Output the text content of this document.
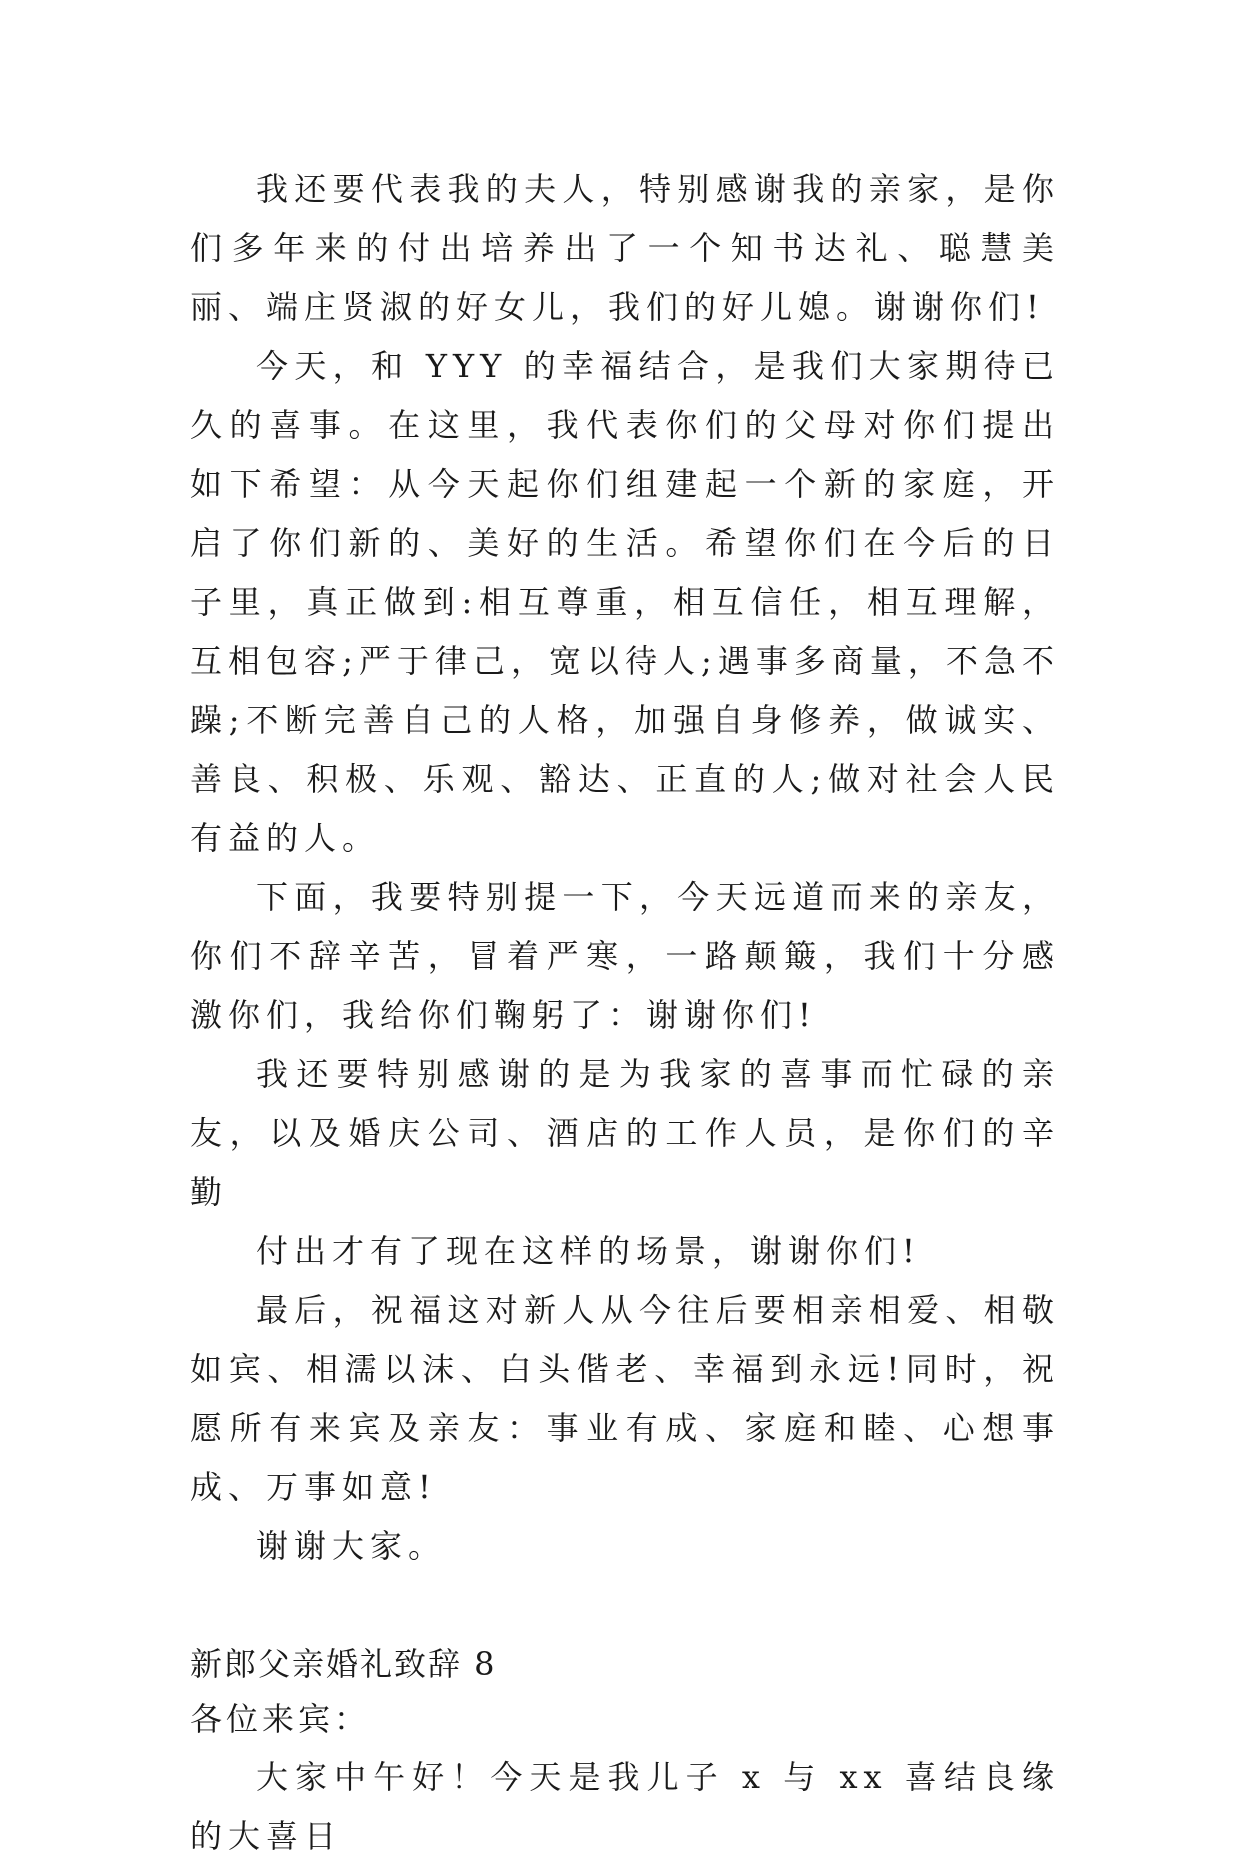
我还要代表我的夫人，特别感谢我的亲家，是你们多年来的付出培养出了一个知书达礼、聪慧美丽、端庄贤淑的好女儿，我们的好儿媳。谢谢你们!

今天，和 YYY 的幸福结合，是我们大家期待已久的喜事。在这里，我代表你们的父母对你们提出如下希望：从今天起你们组建起一个新的家庭，开启了你们新的、美好的生活。希望你们在今后的日子里，真正做到:相互尊重，相互信任，相互理解，互相包容;严于律己，宽以待人;遇事多商量，不急不躁;不断完善自己的人格，加强自身修养，做诚实、善良、积极、乐观、豁达、正直的人;做对社会人民有益的人。

下面，我要特别提一下，今天远道而来的亲友，你们不辞辛苦，冒着严寒，一路颠簸，我们十分感激你们，我给你们鞠躬了：谢谢你们!

我还要特别感谢的是为我家的喜事而忙碌的亲友，以及婚庆公司、酒店的工作人员，是你们的辛勤

付出才有了现在这样的场景，谢谢你们!

最后，祝福这对新人从今往后要相亲相爱、相敬如宾、相濡以沫、白头偕老、幸福到永远!同时，祝愿所有来宾及亲友：事业有成、家庭和睦、心想事成、万事如意!

谢谢大家。

新郎父亲婚礼致辞 8

各位来宾：

大家中午好！今天是我儿子 x 与 xx 喜结良缘的大喜日
